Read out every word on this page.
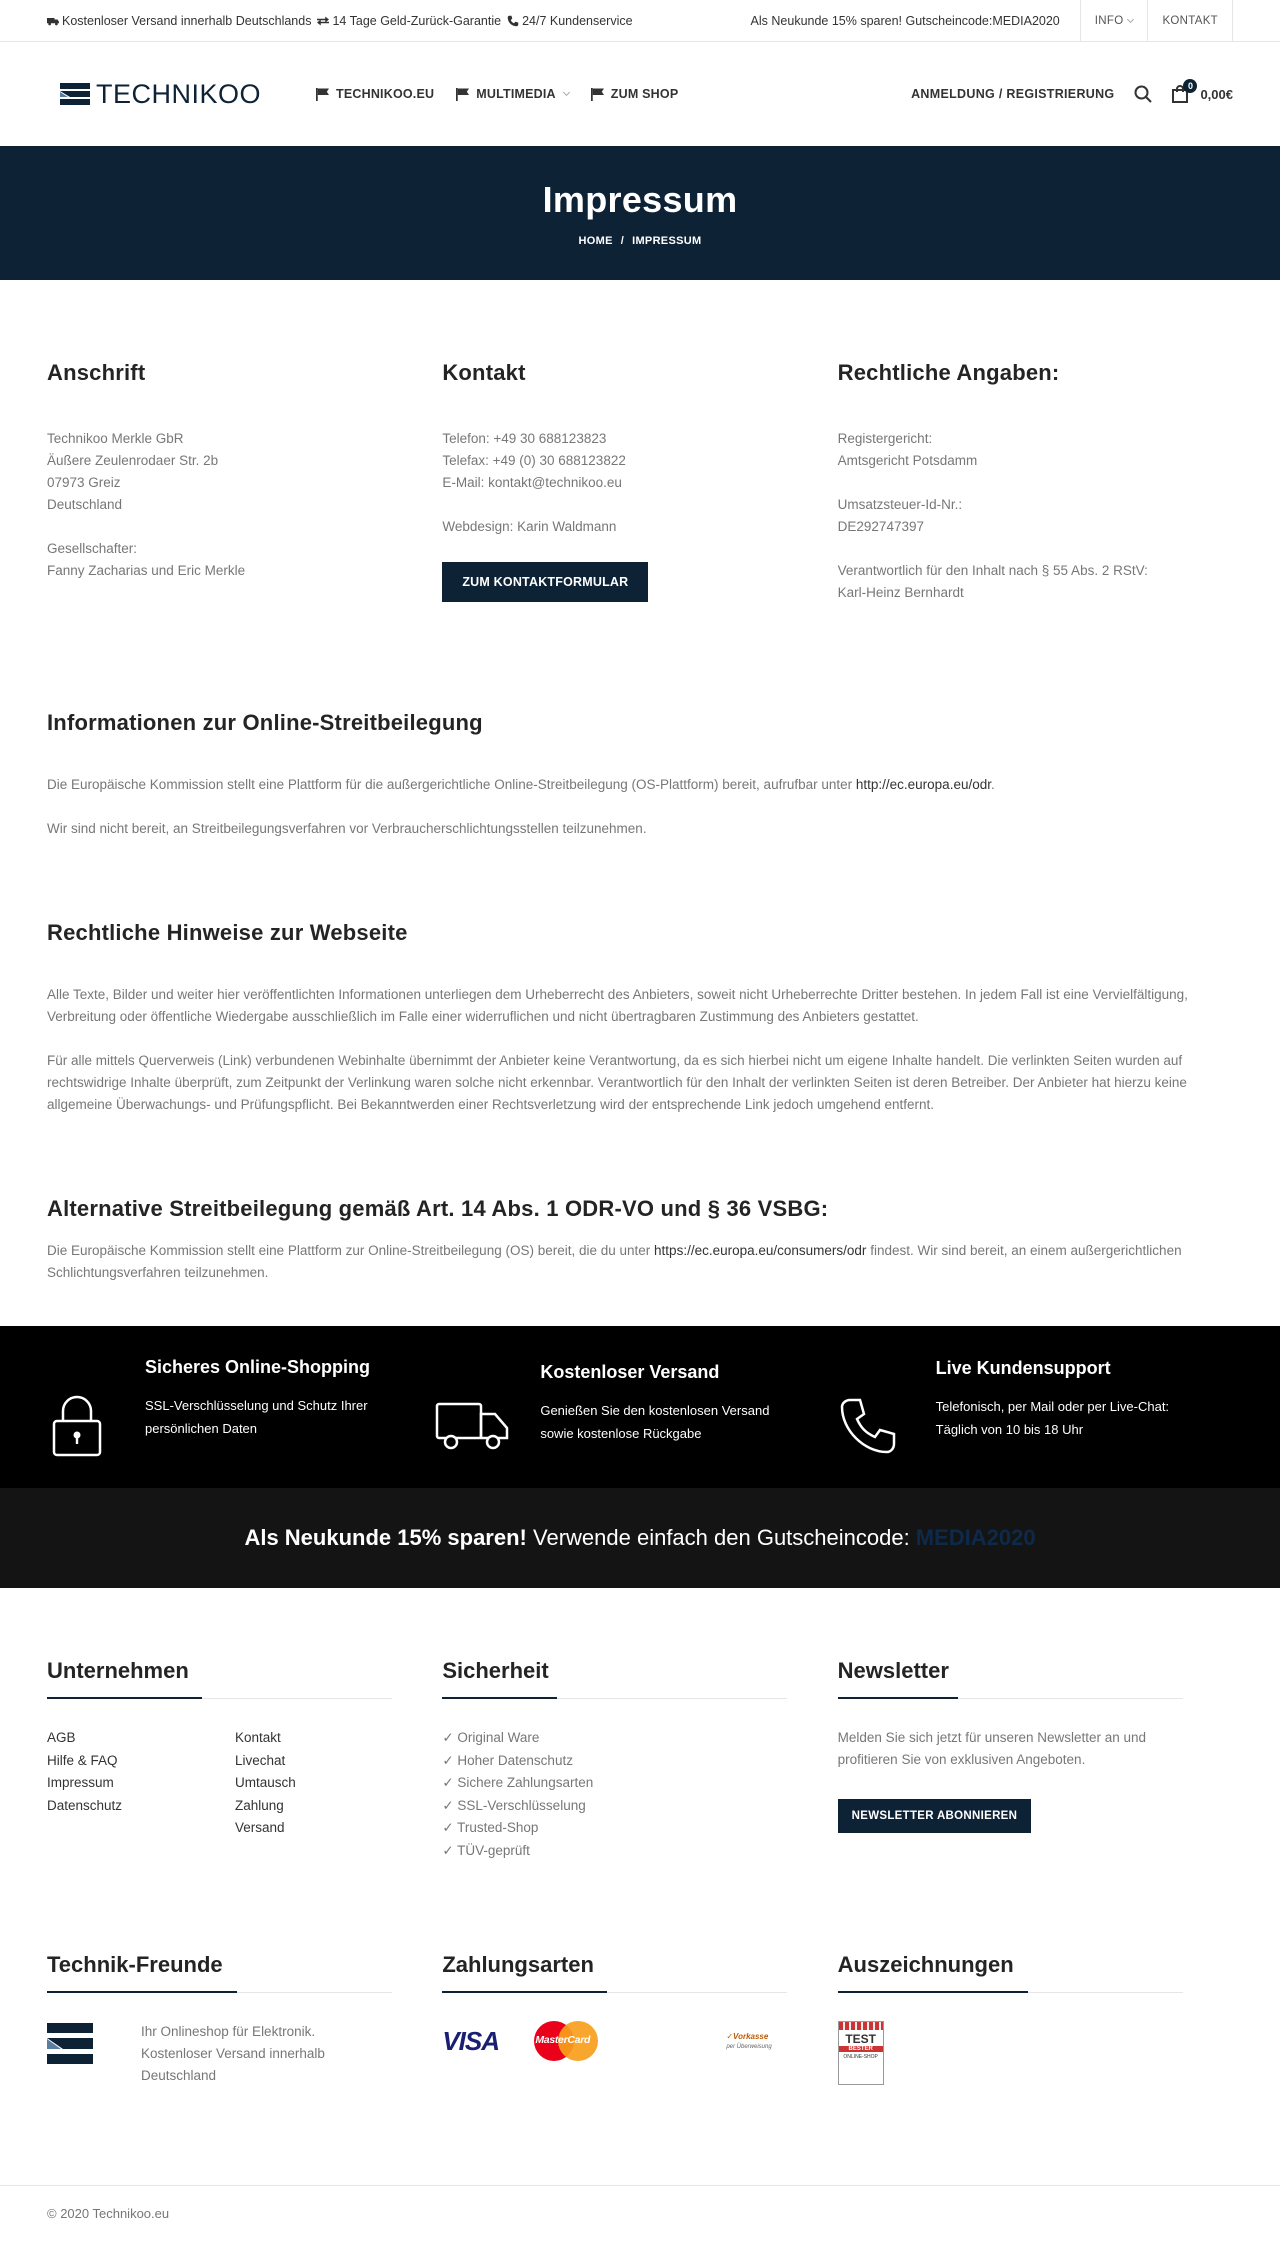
Kostenloser Versand innerhalb Deutschlands 14 Tage Geld-Zurück-Garantie 24/7 Kundenservice	Als Neukunde 15% sparen! Gutscheincode:MEDIA2020	INFO	KONTAKT
TECHNIKOO	TECHNIKOO.EU	MULTIMEDIA	ZUM SHOP	ANMELDUNG / REGISTRIERUNG
0
0,00€
Impressum
HOME / IMPRESSUM
Anschrift

Technikoo Merkle GbR

Äußere Zeulenrodaer Str. 2b

07973 Greiz

Deutschland

Gesellschafter:

Fanny Zacharias und Eric Merkle

Kontakt

Telefon: +49 30 688123823

Telefax: +49 (0) 30 688123822

E-Mail: kontakt@technikoo.eu

Webdesign: Karin Waldmann

ZUM KONTAKTFORMULAR
Rechtliche Angaben:

Registergericht:

Amtsgericht Potsdamm

Umsatzsteuer-Id-Nr.:

DE292747397

Verantwortlich für den Inhalt nach § 55 Abs. 2 RStV:

Karl-Heinz Bernhardt

Informationen zur Online-Streitbeilegung

Die Europäische Kommission stellt eine Plattform für die außergerichtliche Online-Streitbeilegung (OS-Plattform) bereit, aufrufbar unter http://ec.europa.eu/odr.

Wir sind nicht bereit, an Streitbeilegungsverfahren vor Verbraucherschlichtungsstellen teilzunehmen.

Rechtliche Hinweise zur Webseite

Alle Texte, Bilder und weiter hier veröffentlichten Informationen unterliegen dem Urheberrecht des Anbieters, soweit nicht Urheberrechte Dritter bestehen. In jedem Fall ist eine Vervielfältigung, Verbreitung oder öffentliche Wiedergabe ausschließlich im Falle einer widerruflichen und nicht übertragbaren Zustimmung des Anbieters gestattet.

Für alle mittels Querverweis (Link) verbundenen Webinhalte übernimmt der Anbieter keine Verantwortung, da es sich hierbei nicht um eigene Inhalte handelt. Die verlinkten Seiten wurden auf rechtswidrige Inhalte überprüft, zum Zeitpunkt der Verlinkung waren solche nicht erkennbar. Verantwortlich für den Inhalt der verlinkten Seiten ist deren Betreiber. Der Anbieter hat hierzu keine allgemeine Überwachungs- und Prüfungspflicht. Bei Bekanntwerden einer Rechtsverletzung wird der entsprechende Link jedoch umgehend entfernt.

Alternative Streitbeilegung gemäß Art. 14 Abs. 1 ODR-VO und § 36 VSBG:

Die Europäische Kommission stellt eine Plattform zur Online-Streitbeilegung (OS) bereit, die du unter https://ec.europa.eu/consumers/odr findest. Wir sind bereit, an einem außergerichtlichen Schlichtungsverfahren teilzunehmen.

Sicheres Online-Shopping

SSL-Verschlüsselung und Schutz Ihrer
persönlichen Daten

Kostenloser Versand

Genießen Sie den kostenlosen Versand
sowie kostenlose Rückgabe

Live Kundensupport

Telefonisch, per Mail oder per Live-Chat:
Täglich von 10 bis 18 Uhr

Als Neukunde 15% sparen!
Verwende einfach den Gutscheincode: MEDIA2020
Unternehmen
AGB
Hilfe & FAQ
Impressum
Datenschutz
Kontakt
Livechat
Umtausch
Zahlung
Versand
Sicherheit
✓ Original Ware
✓ Hoher Datenschutz
✓ Sichere Zahlungsarten
✓ SSL-Verschlüsselung
✓ Trusted-Shop
✓ TÜV-geprüft
Newsletter

Melden Sie sich jetzt für unseren Newsletter an und profitieren Sie von exklusiven Angeboten.

NEWSLETTER ABONNIEREN
Technik-Freunde

Ihr Onlineshop für Elektronik. Kostenloser Versand innerhalb Deutschland

Zahlungsarten
VISA	MasterCard	✓Vorkasse
per Überweisung
Auszeichnungen
TEST
BESTER
ONLINE-SHOP
© 2020 Technikoo.eu
